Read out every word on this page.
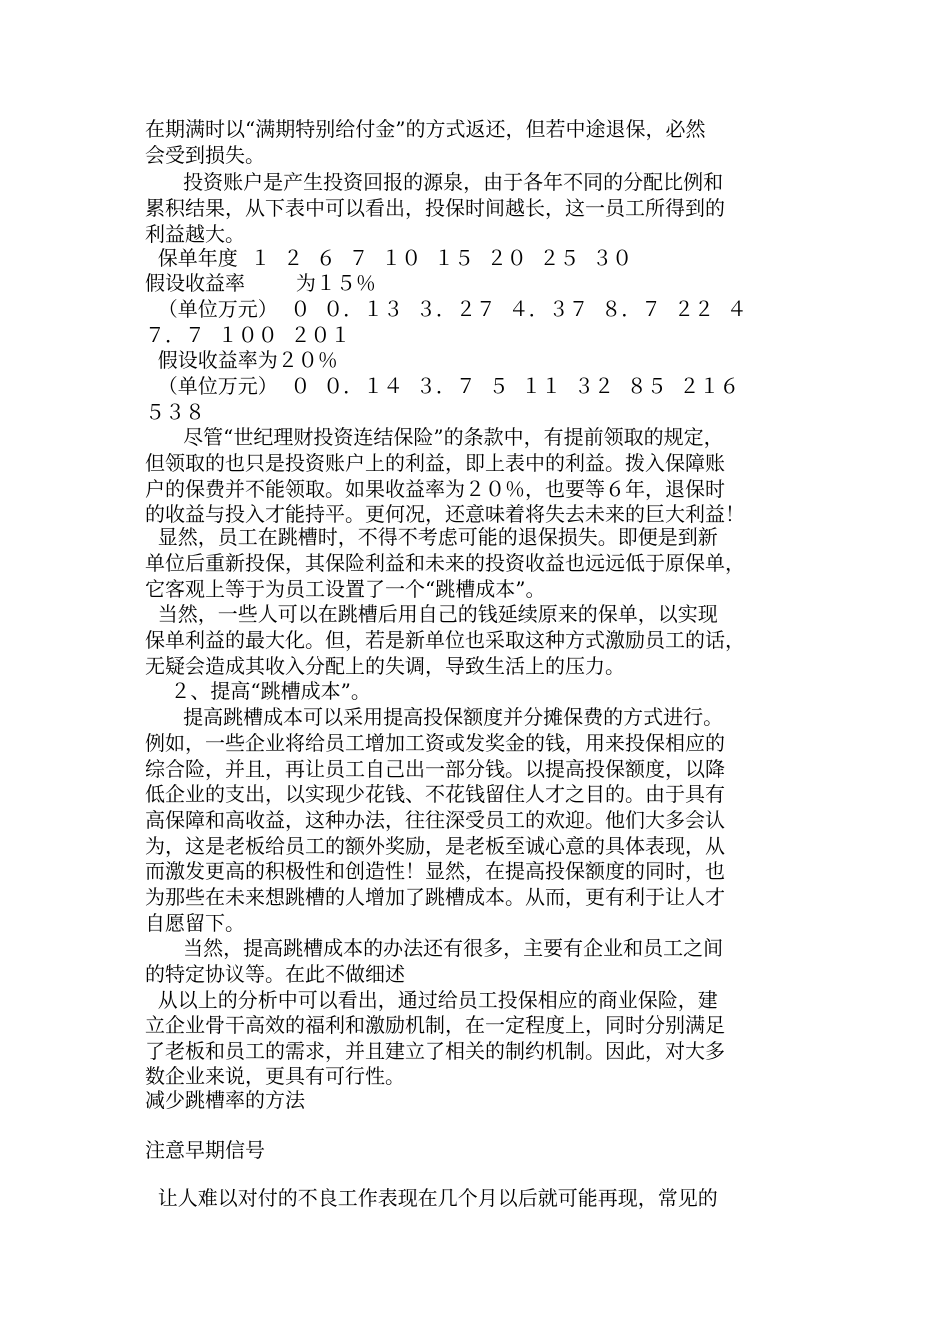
在期满时以“满期特别给付金”的方式返还，但若中途退保，必然
会受到损失。
投资账户是产生投资回报的源泉，由于各年不同的分配比例和
累积结果，从下表中可以看出，投保时间越长，这一员工所得到的
利益越大。
保单年度  １  ２  ６  ７  １０  １５  ２０  ２５  ３０
假设收益率        为１５％
（单位万元）  ０  ０．１３  ３．２７  ４．３７  ８．７  ２２  ４
７．７  １００  ２０１
假设收益率为２０％
（单位万元）  ０  ０．１４  ３．７  ５  １１  ３２  ８５  ２１６
５３８
尽管“世纪理财投资连结保险”的条款中，有提前领取的规定，
但领取的也只是投资账户上的利益，即上表中的利益。拨入保障账
户的保费并不能领取。如果收益率为２０％，也要等６年，退保时
的收益与投入才能持平。更何况，还意味着将失去未来的巨大利益！
显然，员工在跳槽时，不得不考虑可能的退保损失。即便是到新
单位后重新投保，其保险利益和未来的投资收益也远远低于原保单，
它客观上等于为员工设置了一个“跳槽成本”。
当然，一些人可以在跳槽后用自己的钱延续原来的保单，以实现
保单利益的最大化。但，若是新单位也采取这种方式激励员工的话，
无疑会造成其收入分配上的失调，导致生活上的压力。
２、提高“跳槽成本”。
提高跳槽成本可以采用提高投保额度并分摊保费的方式进行。
例如，一些企业将给员工增加工资或发奖金的钱，用来投保相应的
综合险，并且，再让员工自己出一部分钱。以提高投保额度，以降
低企业的支出，以实现少花钱、不花钱留住人才之目的。由于具有
高保障和高收益，这种办法，往往深受员工的欢迎。他们大多会认
为，这是老板给员工的额外奖励，是老板至诚心意的具体表现，从
而激发更高的积极性和创造性！显然，在提高投保额度的同时，也
为那些在未来想跳槽的人增加了跳槽成本。从而，更有利于让人才
自愿留下。
当然，提高跳槽成本的办法还有很多，主要有企业和员工之间
的特定协议等。在此不做细述
从以上的分析中可以看出，通过给员工投保相应的商业保险，建
立企业骨干高效的福利和激励机制，在一定程度上，同时分别满足
了老板和员工的需求，并且建立了相关的制约机制。因此，对大多
数企业来说，更具有可行性。
减少跳槽率的方法
注意早期信号
让人难以对付的不良工作表现在几个月以后就可能再现，常见的
